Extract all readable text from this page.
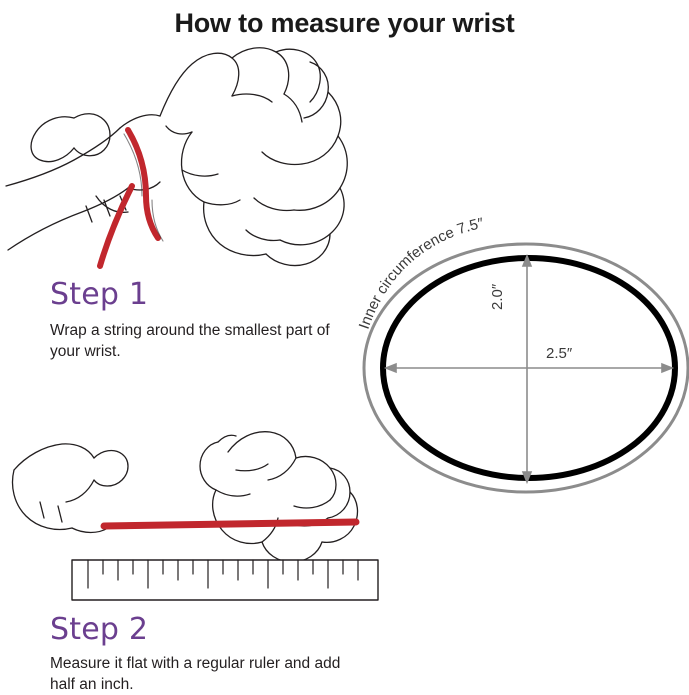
How to measure your wrist
Inner circumference 7.5″
2.5″
2.0″
Step 1
Wrap a string around the smallest part of your wrist.
Step 2
Measure it flat with a regular ruler and add half an inch.
